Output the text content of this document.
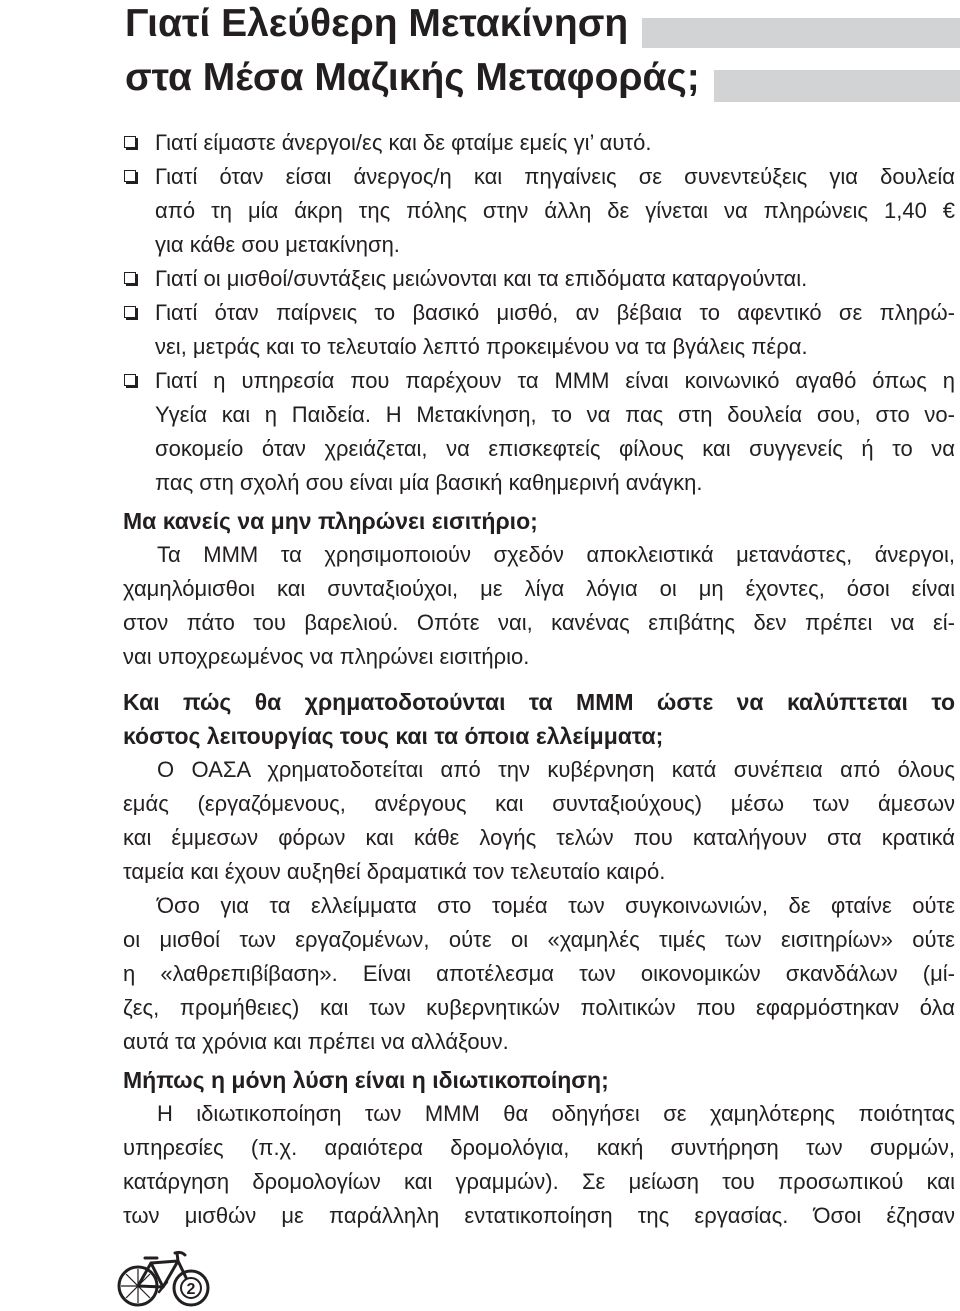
Γιατί Ελεύθερη Μετακίνηση
στα Μέσα Μαζικής Μεταφοράς;
Γιατί είμαστε άνεργοι/ες και δε φταίμε εμείς γι’ αυτό.
Γιατί όταν είσαι άνεργος/η και πηγαίνεις σε συνεντεύξεις για δουλεία
από τη μία άκρη της πόλης στην άλλη δε γίνεται να πληρώνεις 1,40 €
για κάθε σου μετακίνηση.
Γιατί οι μισθοί/συντάξεις μειώνονται και τα επιδόματα καταργούνται.
Γιατί όταν παίρνεις το βασικό μισθό, αν βέβαια το αφεντικό σε πληρώ-
νει, μετράς και το τελευταίο λεπτό προκειμένου να τα βγάλεις πέρα.
Γιατί η υπηρεσία που παρέχουν τα ΜΜΜ είναι κοινωνικό αγαθό όπως η
Υγεία και η Παιδεία. Η Μετακίνηση, το να πας στη δουλεία σου, στο νο-
σοκομείο όταν χρειάζεται, να επισκεφτείς φίλους και συγγενείς ή το να
πας στη σχολή σου είναι μία βασική καθημερινή ανάγκη.
Μα κανείς να μην πληρώνει εισιτήριο;
Τα ΜΜΜ τα χρησιμοποιούν σχεδόν αποκλειστικά μετανάστες, άνεργοι,
χαμηλόμισθοι και συνταξιούχοι, με λίγα λόγια οι μη έχοντες, όσοι είναι
στον πάτο του βαρελιού. Οπότε ναι, κανένας επιβάτης δεν πρέπει να εί-
ναι υποχρεωμένος να πληρώνει εισιτήριο.
Και πώς θα χρηματοδοτούνται τα ΜΜΜ ώστε να καλύπτεται το
κόστος λειτουργίας τους και τα όποια ελλείμματα;
Ο ΟΑΣΑ χρηματοδοτείται από την κυβέρνηση κατά συνέπεια από όλους
εμάς (εργαζόμενους, ανέργους και συνταξιούχους) μέσω των άμεσων
και έμμεσων φόρων και κάθε λογής τελών που καταλήγουν στα κρατικά
ταμεία και έχουν αυξηθεί δραματικά τον τελευταίο καιρό.
Όσο για τα ελλείμματα στο τομέα των συγκοινωνιών, δε φταίνε ούτε
οι μισθοί των εργαζομένων, ούτε οι «χαμηλές τιμές των εισιτηρίων» ούτε
η «λαθρεπιβίβαση». Είναι αποτέλεσμα των οικονομικών σκανδάλων (μί-
ζες, προμήθειες) και των κυβερνητικών πολιτικών που εφαρμόστηκαν όλα
αυτά τα χρόνια και πρέπει να αλλάξουν.
Μήπως η μόνη λύση είναι η ιδιωτικοποίηση;
Η ιδιωτικοποίηση των ΜΜΜ θα οδηγήσει σε χαμηλότερης ποιότητας
υπηρεσίες (π.χ. αραιότερα δρομολόγια, κακή συντήρηση των συρμών,
κατάργηση δρομολογίων και γραμμών). Σε μείωση του προσωπικού και
των μισθών με παράλληλη εντατικοποίηση της εργασίας. Όσοι έζησαν
2
